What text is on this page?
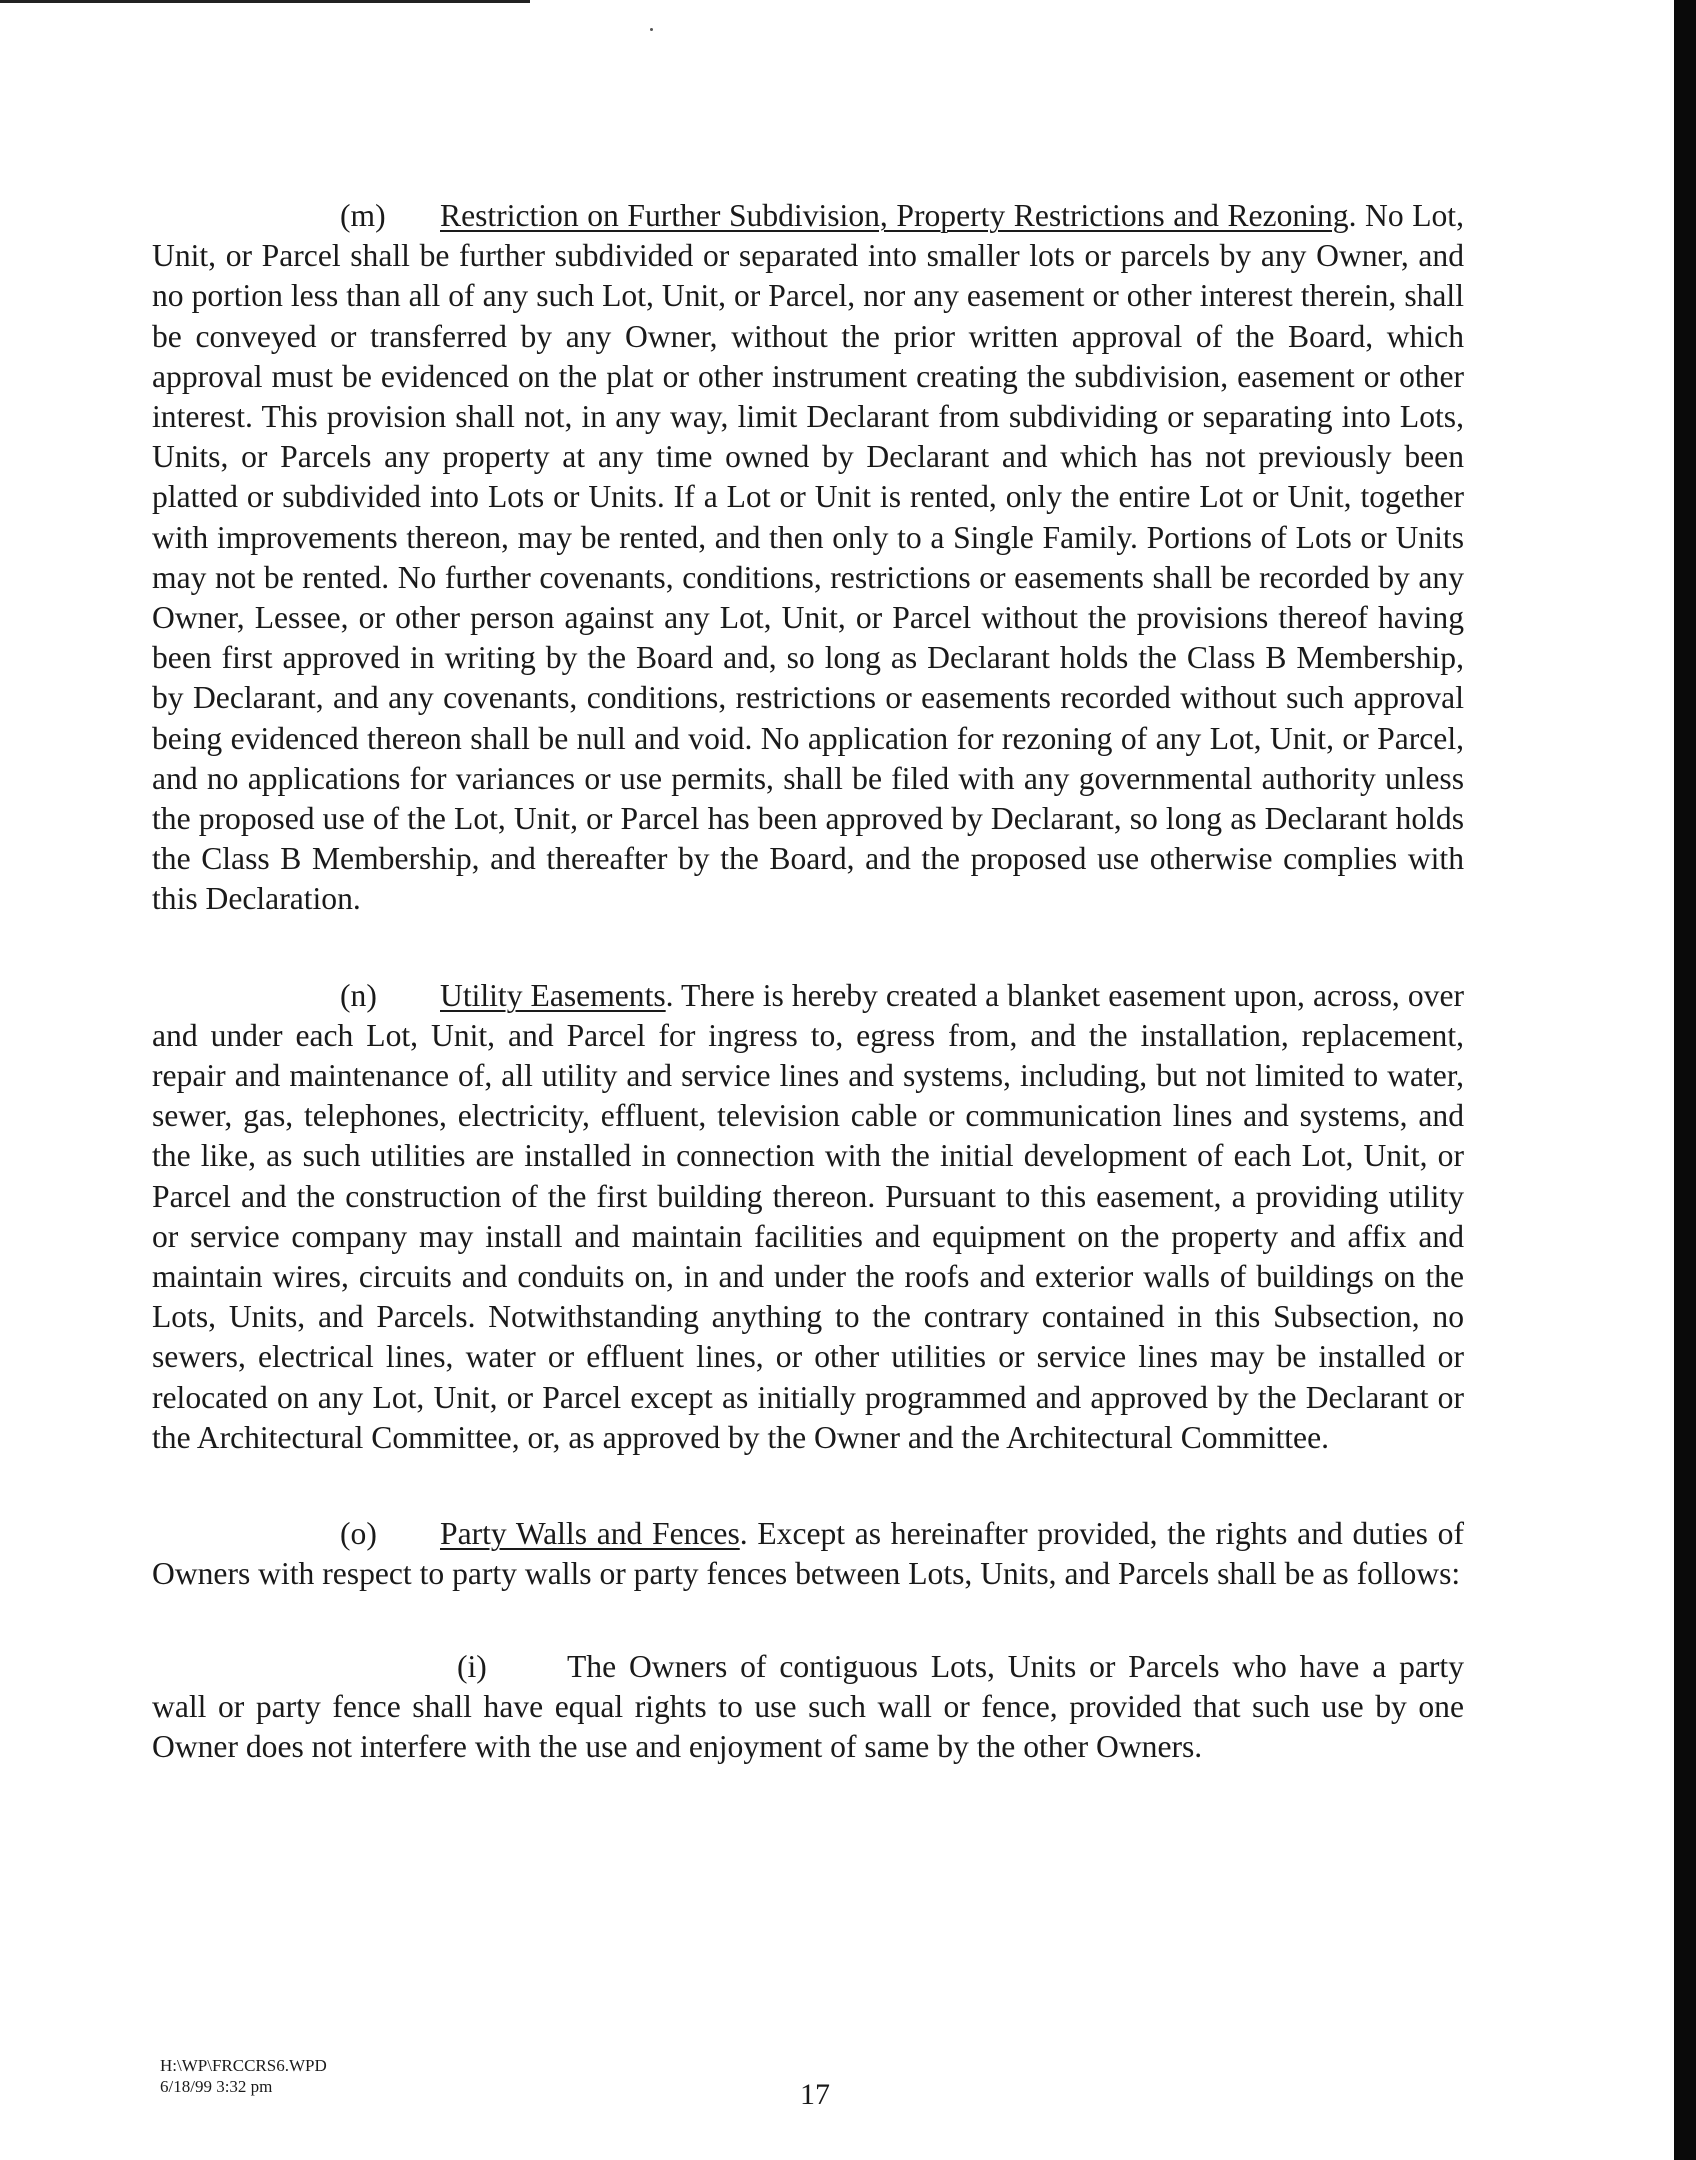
(m) Restriction on Further Subdivision, Property Restrictions and Rezoning. No Lot, Unit, or Parcel shall be further subdivided or separated into smaller lots or parcels by any Owner, and no portion less than all of any such Lot, Unit, or Parcel, nor any easement or other interest therein, shall be conveyed or transferred by any Owner, without the prior written approval of the Board, which approval must be evidenced on the plat or other instrument creating the subdivision, easement or other interest. This provision shall not, in any way, limit Declarant from subdividing or separating into Lots, Units, or Parcels any property at any time owned by Declarant and which has not previously been platted or subdivided into Lots or Units. If a Lot or Unit is rented, only the entire Lot or Unit, together with improvements thereon, may be rented, and then only to a Single Family. Portions of Lots or Units may not be rented. No further covenants, conditions, restrictions or easements shall be recorded by any Owner, Lessee, or other person against any Lot, Unit, or Parcel without the provisions thereof having been first approved in writing by the Board and, so long as Declarant holds the Class B Membership, by Declarant, and any covenants, conditions, restrictions or easements recorded without such approval being evidenced thereon shall be null and void. No application for rezoning of any Lot, Unit, or Parcel, and no applications for variances or use permits, shall be filed with any governmental authority unless the proposed use of the Lot, Unit, or Parcel has been approved by Declarant, so long as Declarant holds the Class B Membership, and thereafter by the Board, and the proposed use otherwise complies with this Declaration.

(n) Utility Easements. There is hereby created a blanket easement upon, across, over and under each Lot, Unit, and Parcel for ingress to, egress from, and the installation, replacement, repair and maintenance of, all utility and service lines and systems, including, but not limited to water, sewer, gas, telephones, electricity, effluent, television cable or communication lines and systems, and the like, as such utilities are installed in connection with the initial development of each Lot, Unit, or Parcel and the construction of the first building thereon. Pursuant to this easement, a providing utility or service company may install and maintain facilities and equipment on the property and affix and maintain wires, circuits and conduits on, in and under the roofs and exterior walls of buildings on the Lots, Units, and Parcels. Notwithstanding anything to the contrary contained in this Subsection, no sewers, electrical lines, water or effluent lines, or other utilities or service lines may be installed or relocated on any Lot, Unit, or Parcel except as initially programmed and approved by the Declarant or the Architectural Committee, or, as approved by the Owner and the Architectural Committee.

(o) Party Walls and Fences. Except as hereinafter provided, the rights and duties of Owners with respect to party walls or party fences between Lots, Units, and Parcels shall be as follows:

(i)	The Owners of contiguous Lots, Units or Parcels who have a party wall or party fence shall have equal rights to use such wall or fence, provided that such use by one Owner does not interfere with the use and enjoyment of same by the other Owners.

H:\WP\FRCCRS6.WPD
6/18/99 3:32 pm	17
